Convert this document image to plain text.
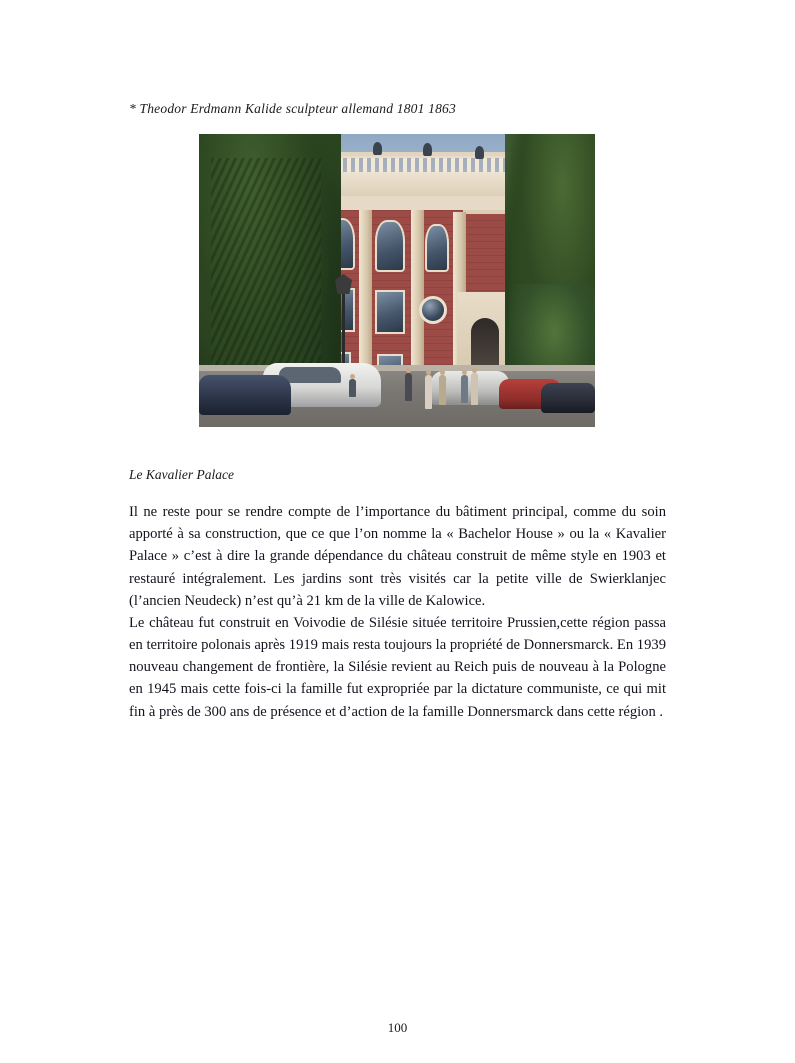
* Theodor Erdmann Kalide sculpteur allemand 1801 1863
Le Kavalier Palace

Il ne reste pour se rendre compte de l’importance du bâtiment principal, comme du soin apporté à sa construction, que ce que l’on nomme la « Bachelor House » ou la « Kavalier Palace » c’est à dire la grande dépendance du château construit de même style en 1903 et restauré intégralement. Les jardins sont très visités car la petite ville de Swierklanjec (l’ancien Neudeck) n’est qu’à 21 km de la ville de Kalowice.

Le château fut construit en Voivodie de Silésie située territoire Prussien,cette région passa en territoire polonais après 1919 mais resta toujours la propriété de Donnersmarck. En 1939 nouveau changement de frontière, la Silésie revient au Reich puis de nouveau à la Pologne en 1945 mais cette fois-ci la famille fut expropriée par la dictature communiste, ce qui mit fin à près de 300 ans de présence et d’action de la famille Donnersmarck dans cette région .

100
